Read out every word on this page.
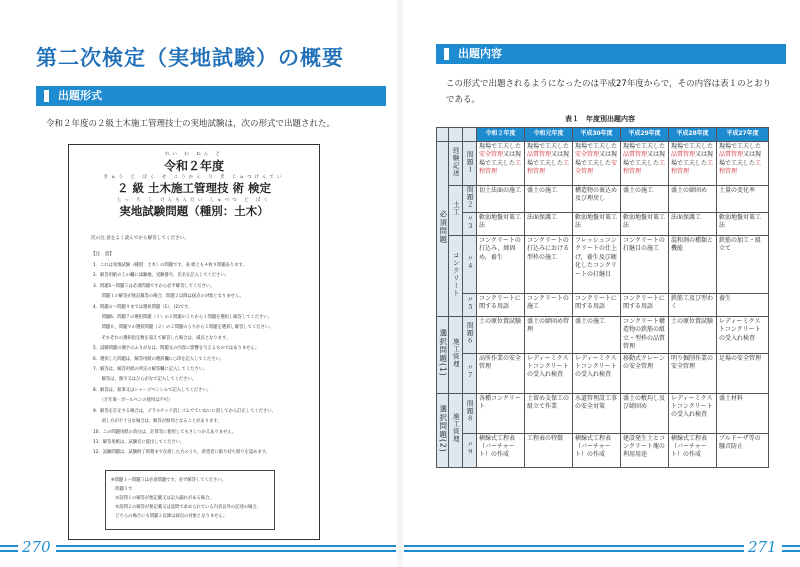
第二次検定（実地試験）の概要
出題形式
令和２年度の２級土木施工管理技士の実地試験は，次の形式で出題された。
れい わ ねん ど
令和２年度
きゅう ど ぼく せ こうかん り ぎ じゅつけんてい
２ 級 土木施工管理技 術 検定
じっ ち し けんもんだい しゅべつ ど ぼく
実地試験問題（種別：土木）
次の注 意をよく読んでから解答してください。
【注　意】
1．これは実地試験（種別：土木）の問題です。表 紙とも４枚９問題あります。
2．解答用紙の上の欄に試験地，受験番号，氏名を記入してください。
3．問題1～問題５は必須問題ですから必ず解答してください。
　　問題１の解答が無記載等の場合，問題２以降は採点の対象となりません。
4．問題６～問題９までは選択問題（1），(2)です。
　　問題6，問題７の選択問題（１）の２問題のうちから１問題を選択し解答してください。
　　問題８，問題９の選択問題（２）の２問題のうちから１問題を選択し解答してください。
　　それぞれの選択指定数を超えて解答した場合は，減点となります。
5．試験問題の漢字のふりがなは，問題文の内容に影響を与えるものではありません。
6．選択した問題は，解答用紙の選択欄に○印を記入してください。
7．解答は，解答用紙の所定の解答欄に記入してください。
　　解答は，漢字又はひらがなで記入してください。
8．解答は，鉛筆又はシャープペンシルで記入してください。
　　（万年筆・ボールペンの使用は不可）
9．解答を訂正する場合は，プラスチック消しゴムでていねいに消してから訂正してください。
　　消し方が不十分な場合は，解答が無効となることがあります。
10．この問題用紙の余白は，計算等に使用してもさしつかえありません。
11．解答用紙は，試験官に提出してください。
12．試験問題は，試験終了時刻まで在席した方のうち，希望者に限り持ち帰りを認めます。
※問題１～問題５は必須問題です。必ず解答してください。
　問題１で
　①設問１の解答が無記載又は記入漏れがある場合，
　②設問２の解答が無記載又は設問で求められている内容以外の記述の場合，
　どちらの場合にも問題２以降は採点の対象となりません。
270
出題内容
この形式で出題されるようになったのは平成27年度からで，その内容は表１のとおりである。
表１　年度別出題内容
			令和２年度	令和元年度	平成30年度	平成29年度	平成28年度	平成27年度
必須問題	経験記述	問題１	現場で工夫した安全管理又は現場で工夫した工程管理	現場で工夫した品質管理又は現場で工夫した工程管理	現場で工夫した安全管理又は現場で工夫した安全管理	現場で工夫した品質管理又は現場で工夫した工程管理	現場で工夫した品質管理又は現場で工夫した工程管理	現場で工夫した品質管理又は現場で工夫した工程管理
	土工	問題２	切土法面の施工	盛土の施工	構造物の裏込め及び埋戻し	盛土の施工	盛土の締固め	土量の変化率
		〃３	軟弱地盤対策工法	法面保護工	軟弱地盤対策工法	軟弱地盤対策工法	法面保護工	軟弱地盤対策工法
	コンクリート	〃４	コンクリートの打込み，締固め，養生	コンクリートの打込みにおける型枠の施工	フレッシュコンクリートの仕上げ，養生及び硬化したコンクリートの打継目	コンクリートの打継目の施工	混和剤の種類と機能	鉄筋の加工・組立て
		〃５	コンクリートに関する用語	コンクリートの施工	コンクリートに関する用語	コンクリートに関する用語	鉄筋工及び型わく	養生
選択問題(1)	施工管理	問題６	土の原位置試験	盛土の締固め管理	盛土の施工	コンクリート構造物の鉄筋の組立・型枠の品質管理	土の原位置試験	レディーミクストコンクリートの受入れ検査
		〃７	高所作業の安全管理	レディーミクストコンクリートの受入れ検査	レディーミクストコンクリートの受入れ検査	移動式クレーンの安全管理	明り掘削作業の安全管理	足場の安全管理
選択問題(2)	施工管理	問題８	各種コンクリート	土留め支保工の組立て作業	水道管埋設工事の安全対策	盛土の敷均し及び締固め	レディーミクストコンクリートの受入れ検査	盛土材料
		〃９	横線式工程表（バーチャート）の作成	工程表の特徴	横線式工程表（バーチャート）の作成	建設発生土とコンクリート塊の利用用途	横線式工程表（バーチャート）の作成	ブルドーザ等の騒音防止
271
